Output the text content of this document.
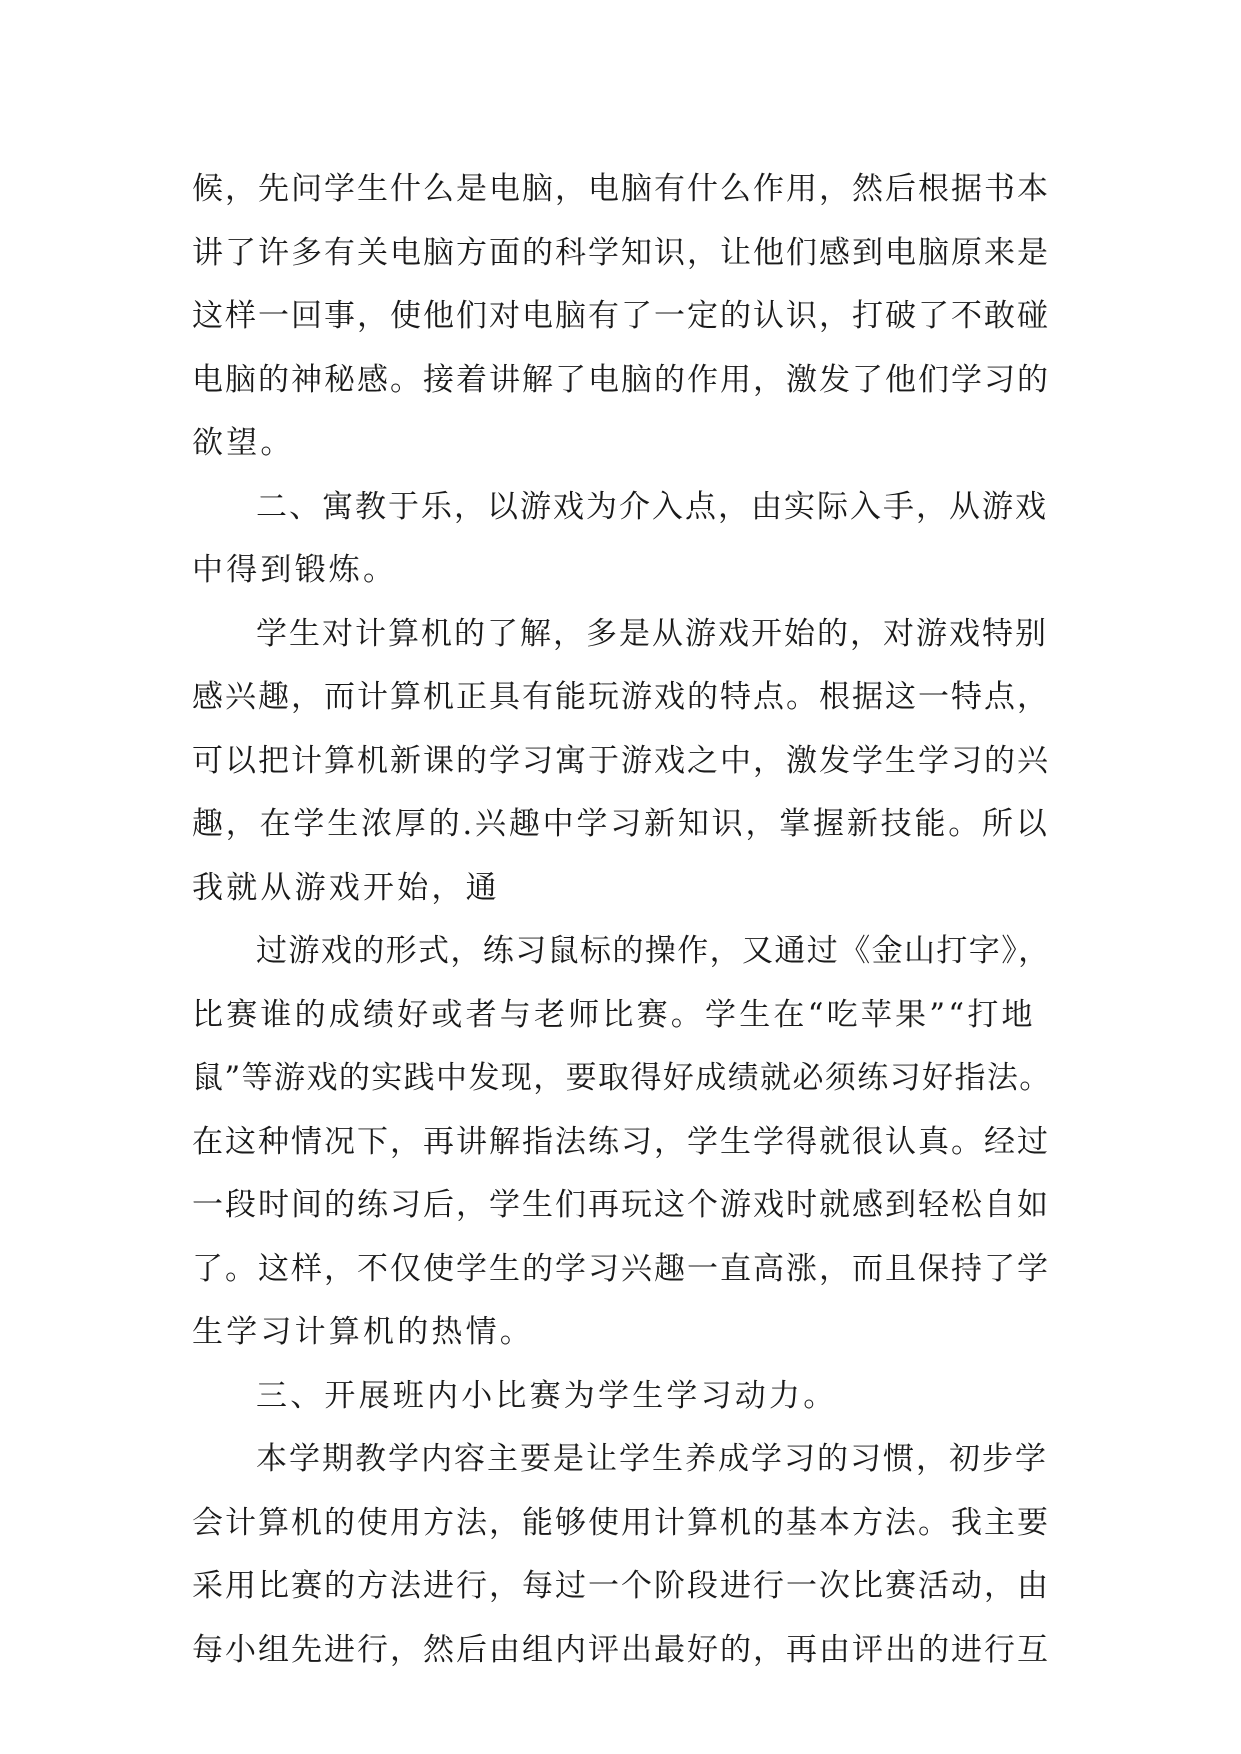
候，先问学生什么是电脑，电脑有什么作用，然后根据书本
讲了许多有关电脑方面的科学知识，让他们感到电脑原来是
这样一回事，使他们对电脑有了一定的认识，打破了不敢碰
电脑的神秘感。接着讲解了电脑的作用，激发了他们学习的
欲望。
二、寓教于乐，以游戏为介入点，由实际入手，从游戏
中得到锻炼。
学生对计算机的了解，多是从游戏开始的，对游戏特别
感兴趣，而计算机正具有能玩游戏的特点。根据这一特点，
可以把计算机新课的学习寓于游戏之中，激发学生学习的兴
趣，在学生浓厚的.兴趣中学习新知识，掌握新技能。所以
我就从游戏开始，通
过游戏的形式，练习鼠标的操作，又通过《金山打字》，
比赛谁的成绩好或者与老师比赛。学生在“吃苹果”“打地
鼠”等游戏的实践中发现，要取得好成绩就必须练习好指法。
在这种情况下，再讲解指法练习，学生学得就很认真。经过
一段时间的练习后，学生们再玩这个游戏时就感到轻松自如
了。这样，不仅使学生的学习兴趣一直高涨，而且保持了学
生学习计算机的热情。
三、开展班内小比赛为学生学习动力。
本学期教学内容主要是让学生养成学习的习惯，初步学
会计算机的使用方法，能够使用计算机的基本方法。我主要
采用比赛的方法进行，每过一个阶段进行一次比赛活动，由
每小组先进行，然后由组内评出最好的，再由评出的进行互
